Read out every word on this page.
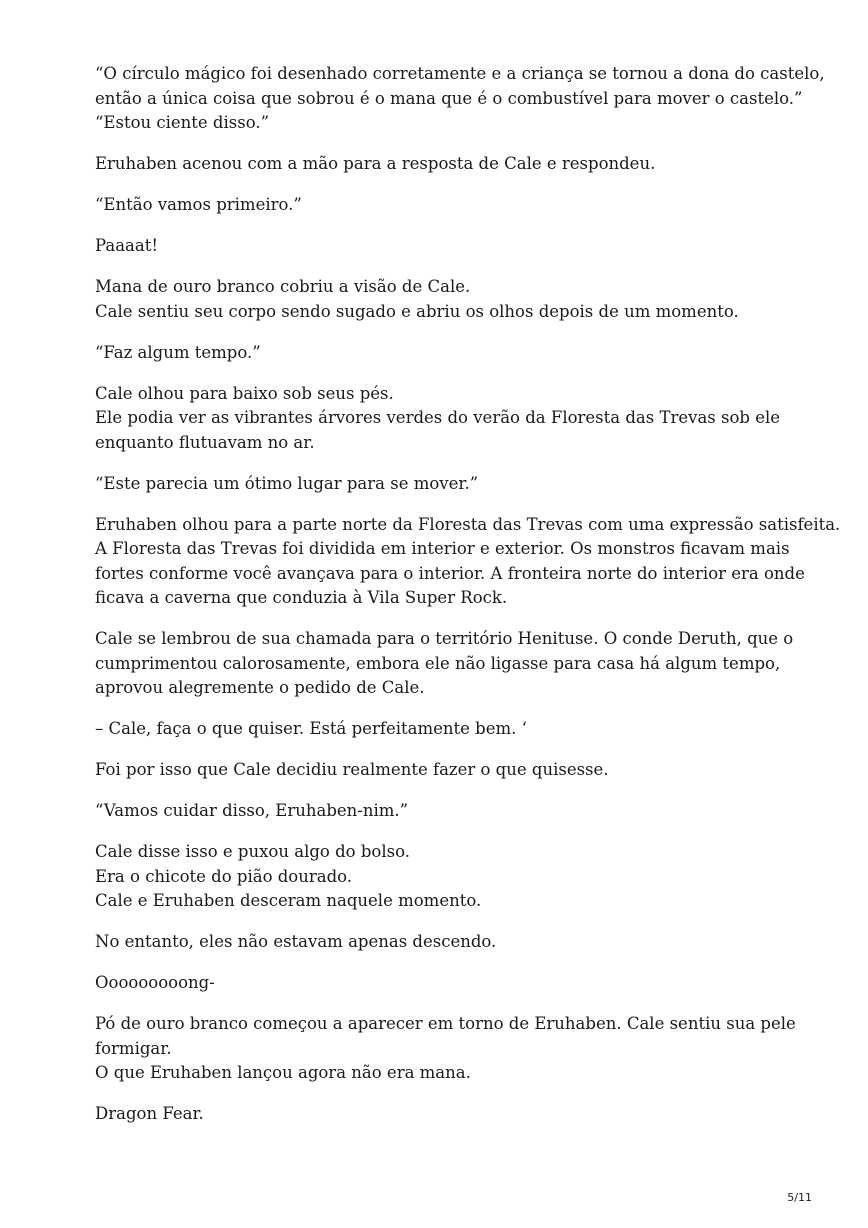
“O círculo mágico foi desenhado corretamente e a criança se tornou a dona do castelo,
então a única coisa que sobrou é o mana que é o combustível para mover o castelo.”
“Estou ciente disso.”

Eruhaben acenou com a mão para a resposta de Cale e respondeu.

“Então vamos primeiro.”

Paaaat!

Mana de ouro branco cobriu a visão de Cale.
Cale sentiu seu corpo sendo sugado e abriu os olhos depois de um momento.

“Faz algum tempo.”

Cale olhou para baixo sob seus pés.
Ele podia ver as vibrantes árvores verdes do verão da Floresta das Trevas sob ele
enquanto flutuavam no ar.

“Este parecia um ótimo lugar para se mover.”

Eruhaben olhou para a parte norte da Floresta das Trevas com uma expressão satisfeita.
A Floresta das Trevas foi dividida em interior e exterior. Os monstros ficavam mais
fortes conforme você avançava para o interior. A fronteira norte do interior era onde
ficava a caverna que conduzia à Vila Super Rock.

Cale se lembrou de sua chamada para o território Henituse. O conde Deruth, que o
cumprimentou calorosamente, embora ele não ligasse para casa há algum tempo,
aprovou alegremente o pedido de Cale.

– Cale, faça o que quiser. Está perfeitamente bem. ‘

Foi por isso que Cale decidiu realmente fazer o que quisesse.

“Vamos cuidar disso, Eruhaben-nim.”

Cale disse isso e puxou algo do bolso.
Era o chicote do pião dourado.
Cale e Eruhaben desceram naquele momento.

No entanto, eles não estavam apenas descendo.

Ooooooooong-

Pó de ouro branco começou a aparecer em torno de Eruhaben. Cale sentiu sua pele
formigar.
O que Eruhaben lançou agora não era mana.

Dragon Fear.

5/11
